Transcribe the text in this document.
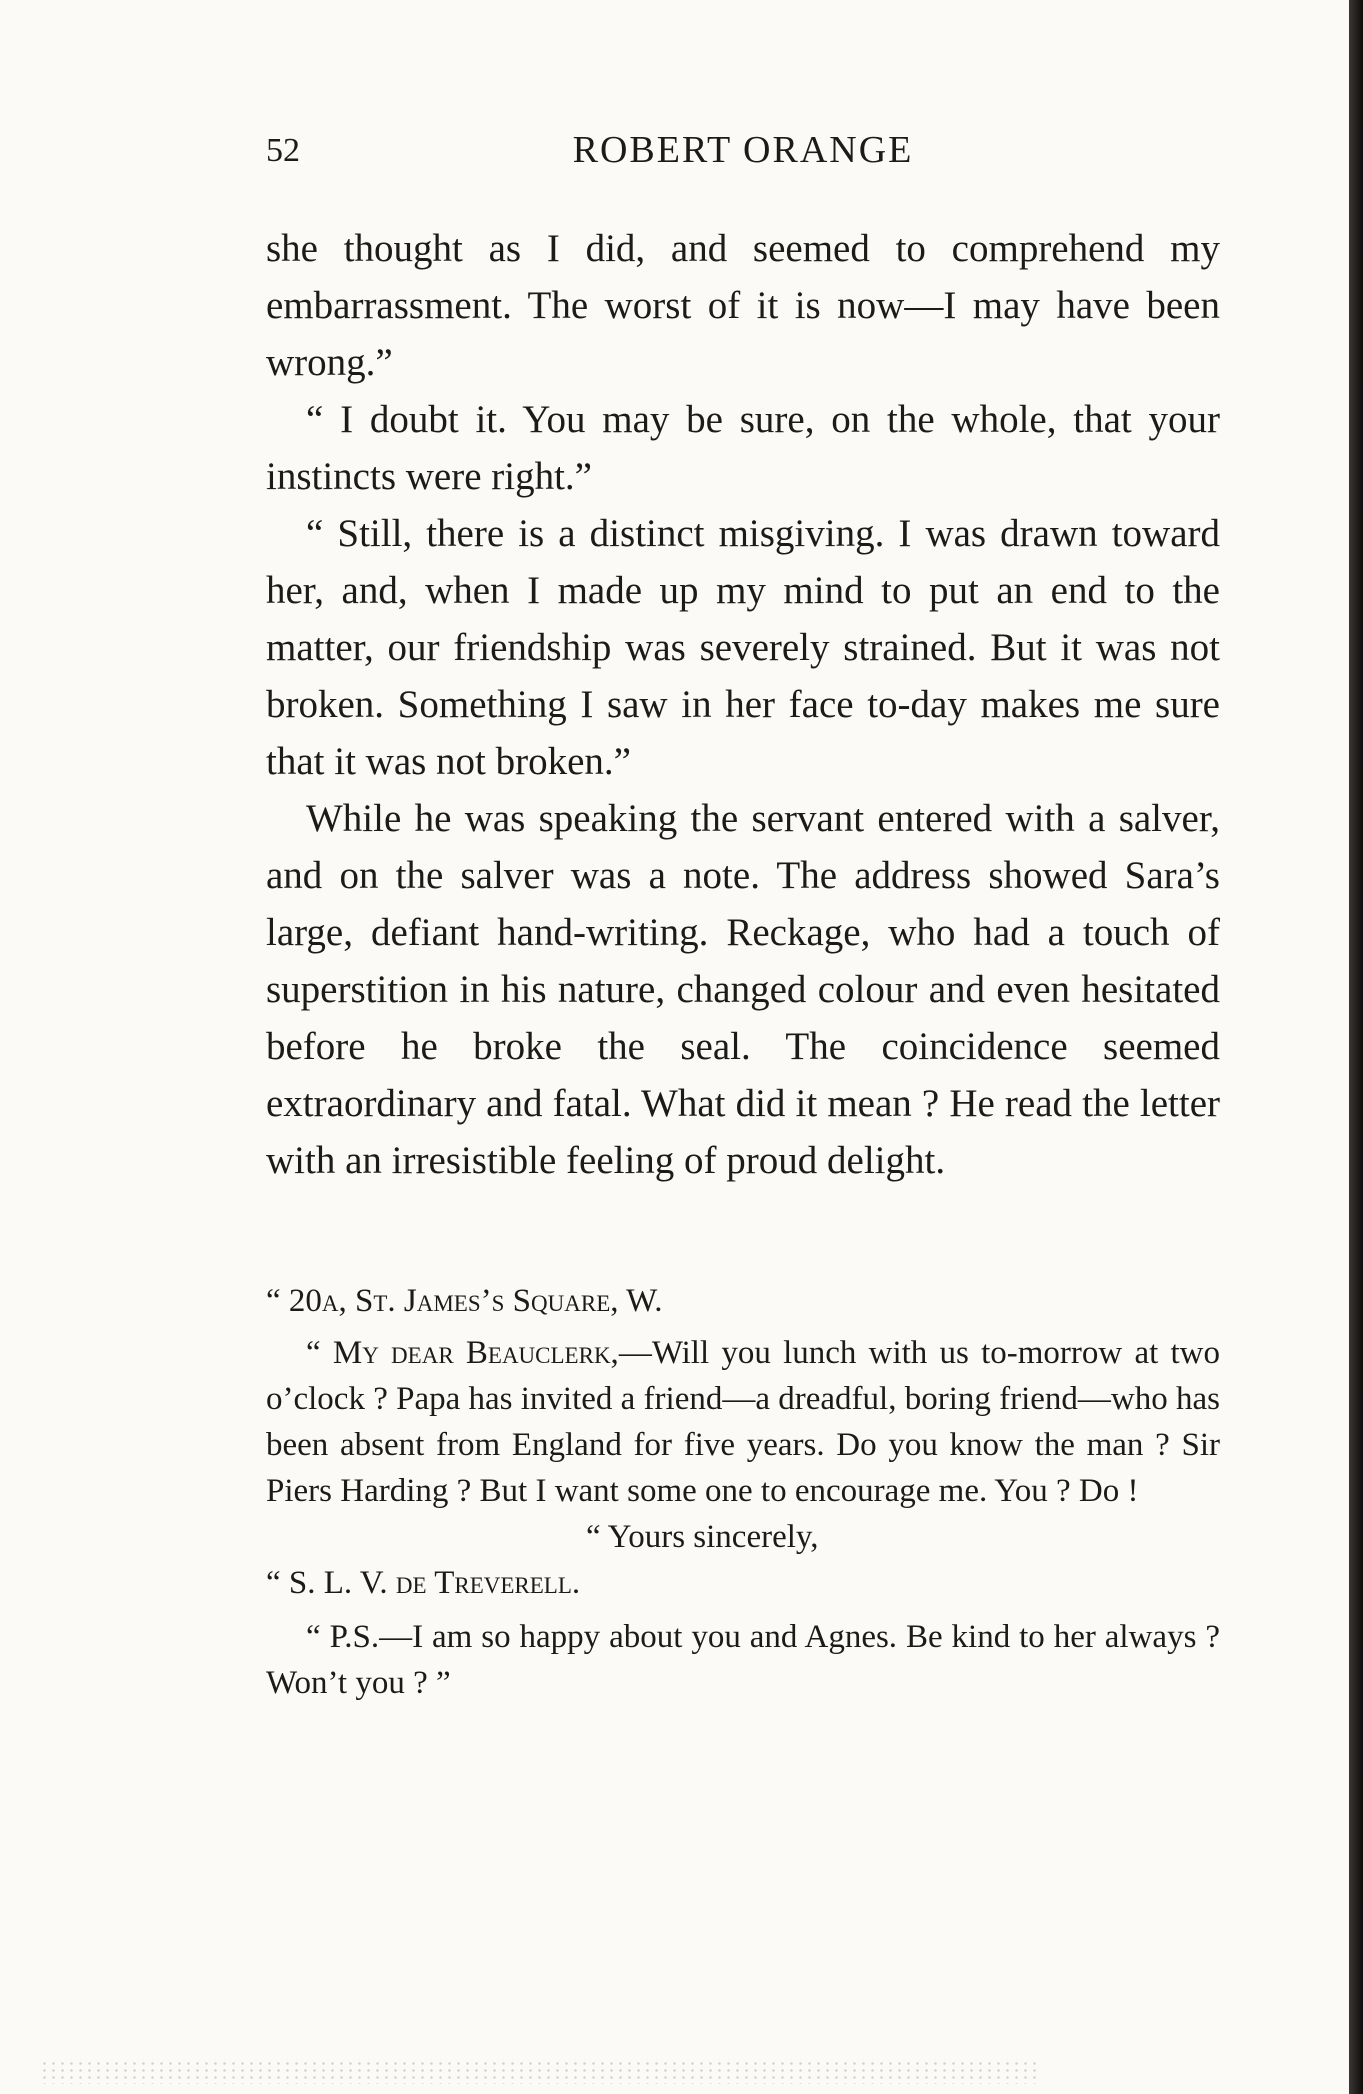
52	ROBERT ORANGE

she thought as I did, and seemed to comprehend my embarrassment. The worst of it is now—I may have been wrong.”

“ I doubt it. You may be sure, on the whole, that your instincts were right.”

“ Still, there is a distinct misgiving. I was drawn toward her, and, when I made up my mind to put an end to the matter, our friendship was severely strained. But it was not broken. Something I saw in her face to-day makes me sure that it was not broken.”

While he was speaking the servant entered with a salver, and on the salver was a note. The address showed Sara’s large, defiant hand-writing. Reckage, who had a touch of superstition in his nature, changed colour and even hesitated before he broke the seal. The coincidence seemed extraordinary and fatal. What did it mean ? He read the letter with an irresistible feeling of proud delight.

“ 20a, St. James’s Square, W.

“ My dear Beauclerk,—Will you lunch with us to-morrow at two o’clock ? Papa has invited a friend—a dreadful, boring friend—who has been absent from England for five years. Do you know the man ? Sir Piers Harding ? But I want some one to encourage me. You ? Do !

“ Yours sincerely,

“ S. L. V. de Treverell.

“ P.S.—I am so happy about you and Agnes. Be kind to her always ? Won’t you ? ”
